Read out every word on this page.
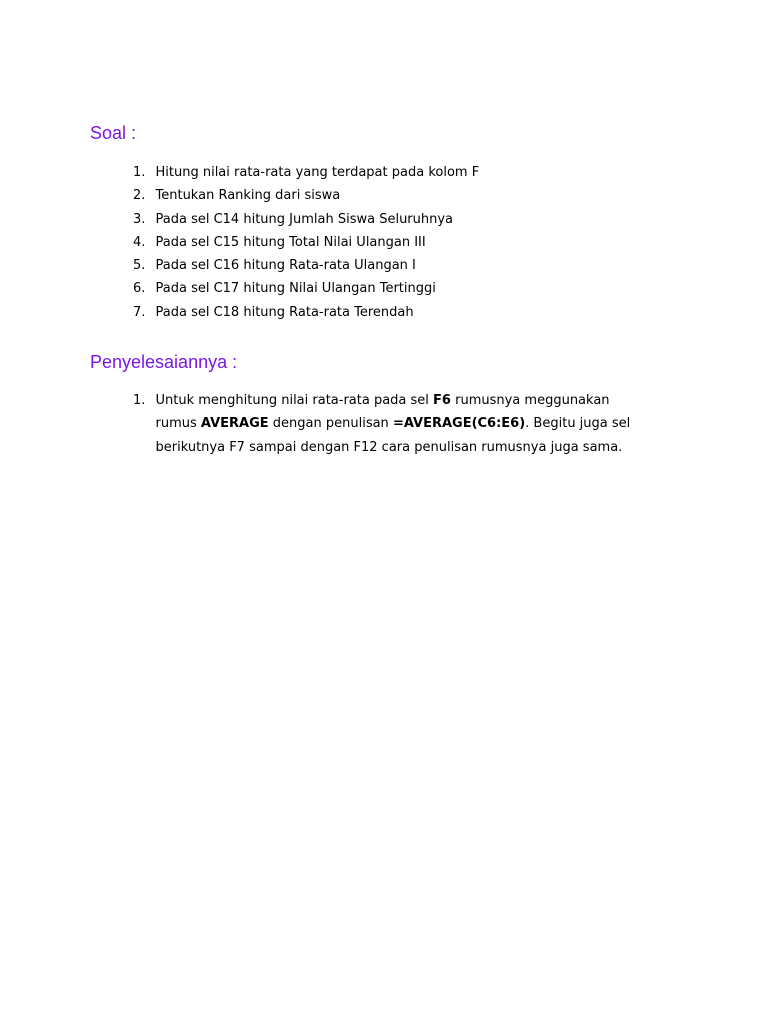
Soal :
1. Hitung nilai rata-rata yang terdapat pada kolom F
2. Tentukan Ranking dari siswa
3. Pada sel C14 hitung Jumlah Siswa Seluruhnya
4. Pada sel C15 hitung Total Nilai Ulangan III
5. Pada sel C16 hitung Rata-rata Ulangan I
6. Pada sel C17 hitung Nilai Ulangan Tertinggi
7. Pada sel C18 hitung Rata-rata Terendah
Penyelesaiannya :
1. Untuk menghitung nilai rata-rata pada sel F6 rumusnya meggunakan rumus AVERAGE dengan penulisan =AVERAGE(C6:E6). Begitu juga sel berikutnya F7 sampai dengan F12 cara penulisan rumusnya juga sama.
